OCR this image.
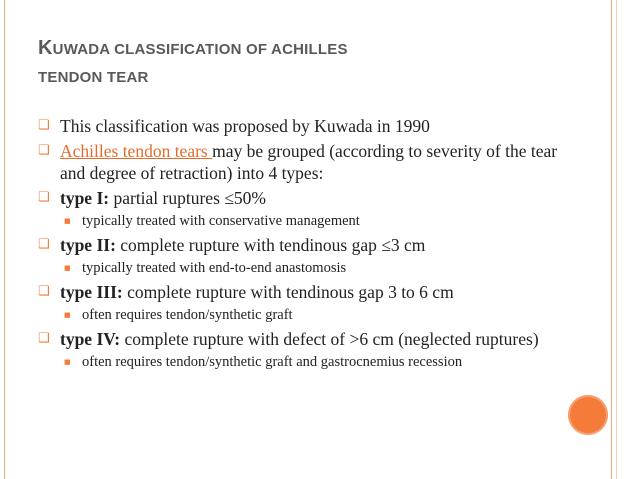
KUWADA CLASSIFICATION OF ACHILLES
TENDON TEAR
❑ This classification was proposed by Kuwada in 1990
❑ Achilles tendon tears may be grouped (according to severity of the tear and degree of retraction) into 4 types:
❑ type I: partial ruptures ≤50%
■ typically treated with conservative management
❑ type II: complete rupture with tendinous gap ≤3 cm
■ typically treated with end-to-end anastomosis
❑ type III: complete rupture with tendinous gap 3 to 6 cm
■ often requires tendon/synthetic graft
❑ type IV: complete rupture with defect of >6 cm (neglected ruptures)
■ often requires tendon/synthetic graft and gastrocnemius recession
